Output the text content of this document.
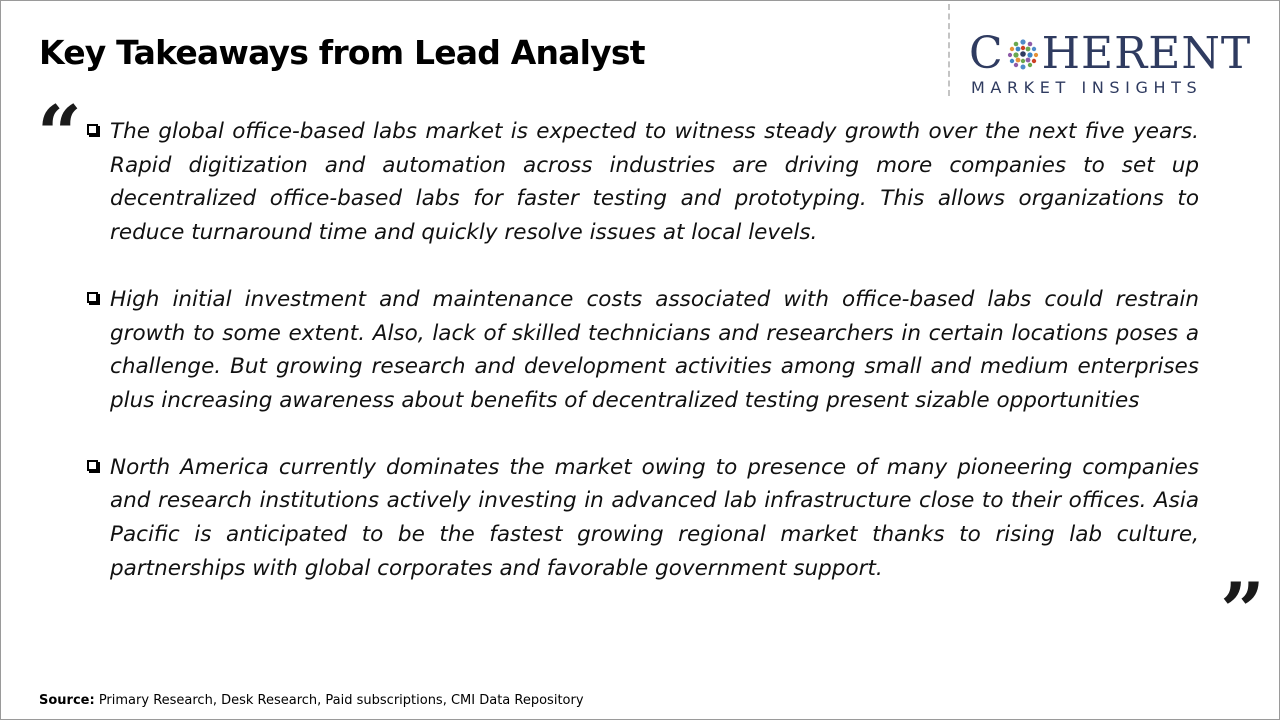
Key Takeaways from Lead Analyst	C HERENT
MARKET INSIGHTS
“ The global office-based labs market is expected to witness steady growth over the next five years. Rapid digitization and automation across industries are driving more companies to set up decentralized office-based labs for faster testing and prototyping. This allows organizations to reduce turnaround time and quickly resolve issues at local levels.
High initial investment and maintenance costs associated with office-based labs could restrain growth to some extent. Also, lack of skilled technicians and researchers in certain locations poses a challenge. But growing research and development activities among small and medium enterprises plus increasing awareness about benefits of decentralized testing present sizable opportunities
North America currently dominates the market owing to presence of many pioneering companies and research institutions actively investing in advanced lab infrastructure close to their offices. Asia Pacific is anticipated to be the fastest growing regional market thanks to rising lab culture, partnerships with global corporates and favorable government support.	”
Source: Primary Research, Desk Research, Paid subscriptions, CMI Data Repository
